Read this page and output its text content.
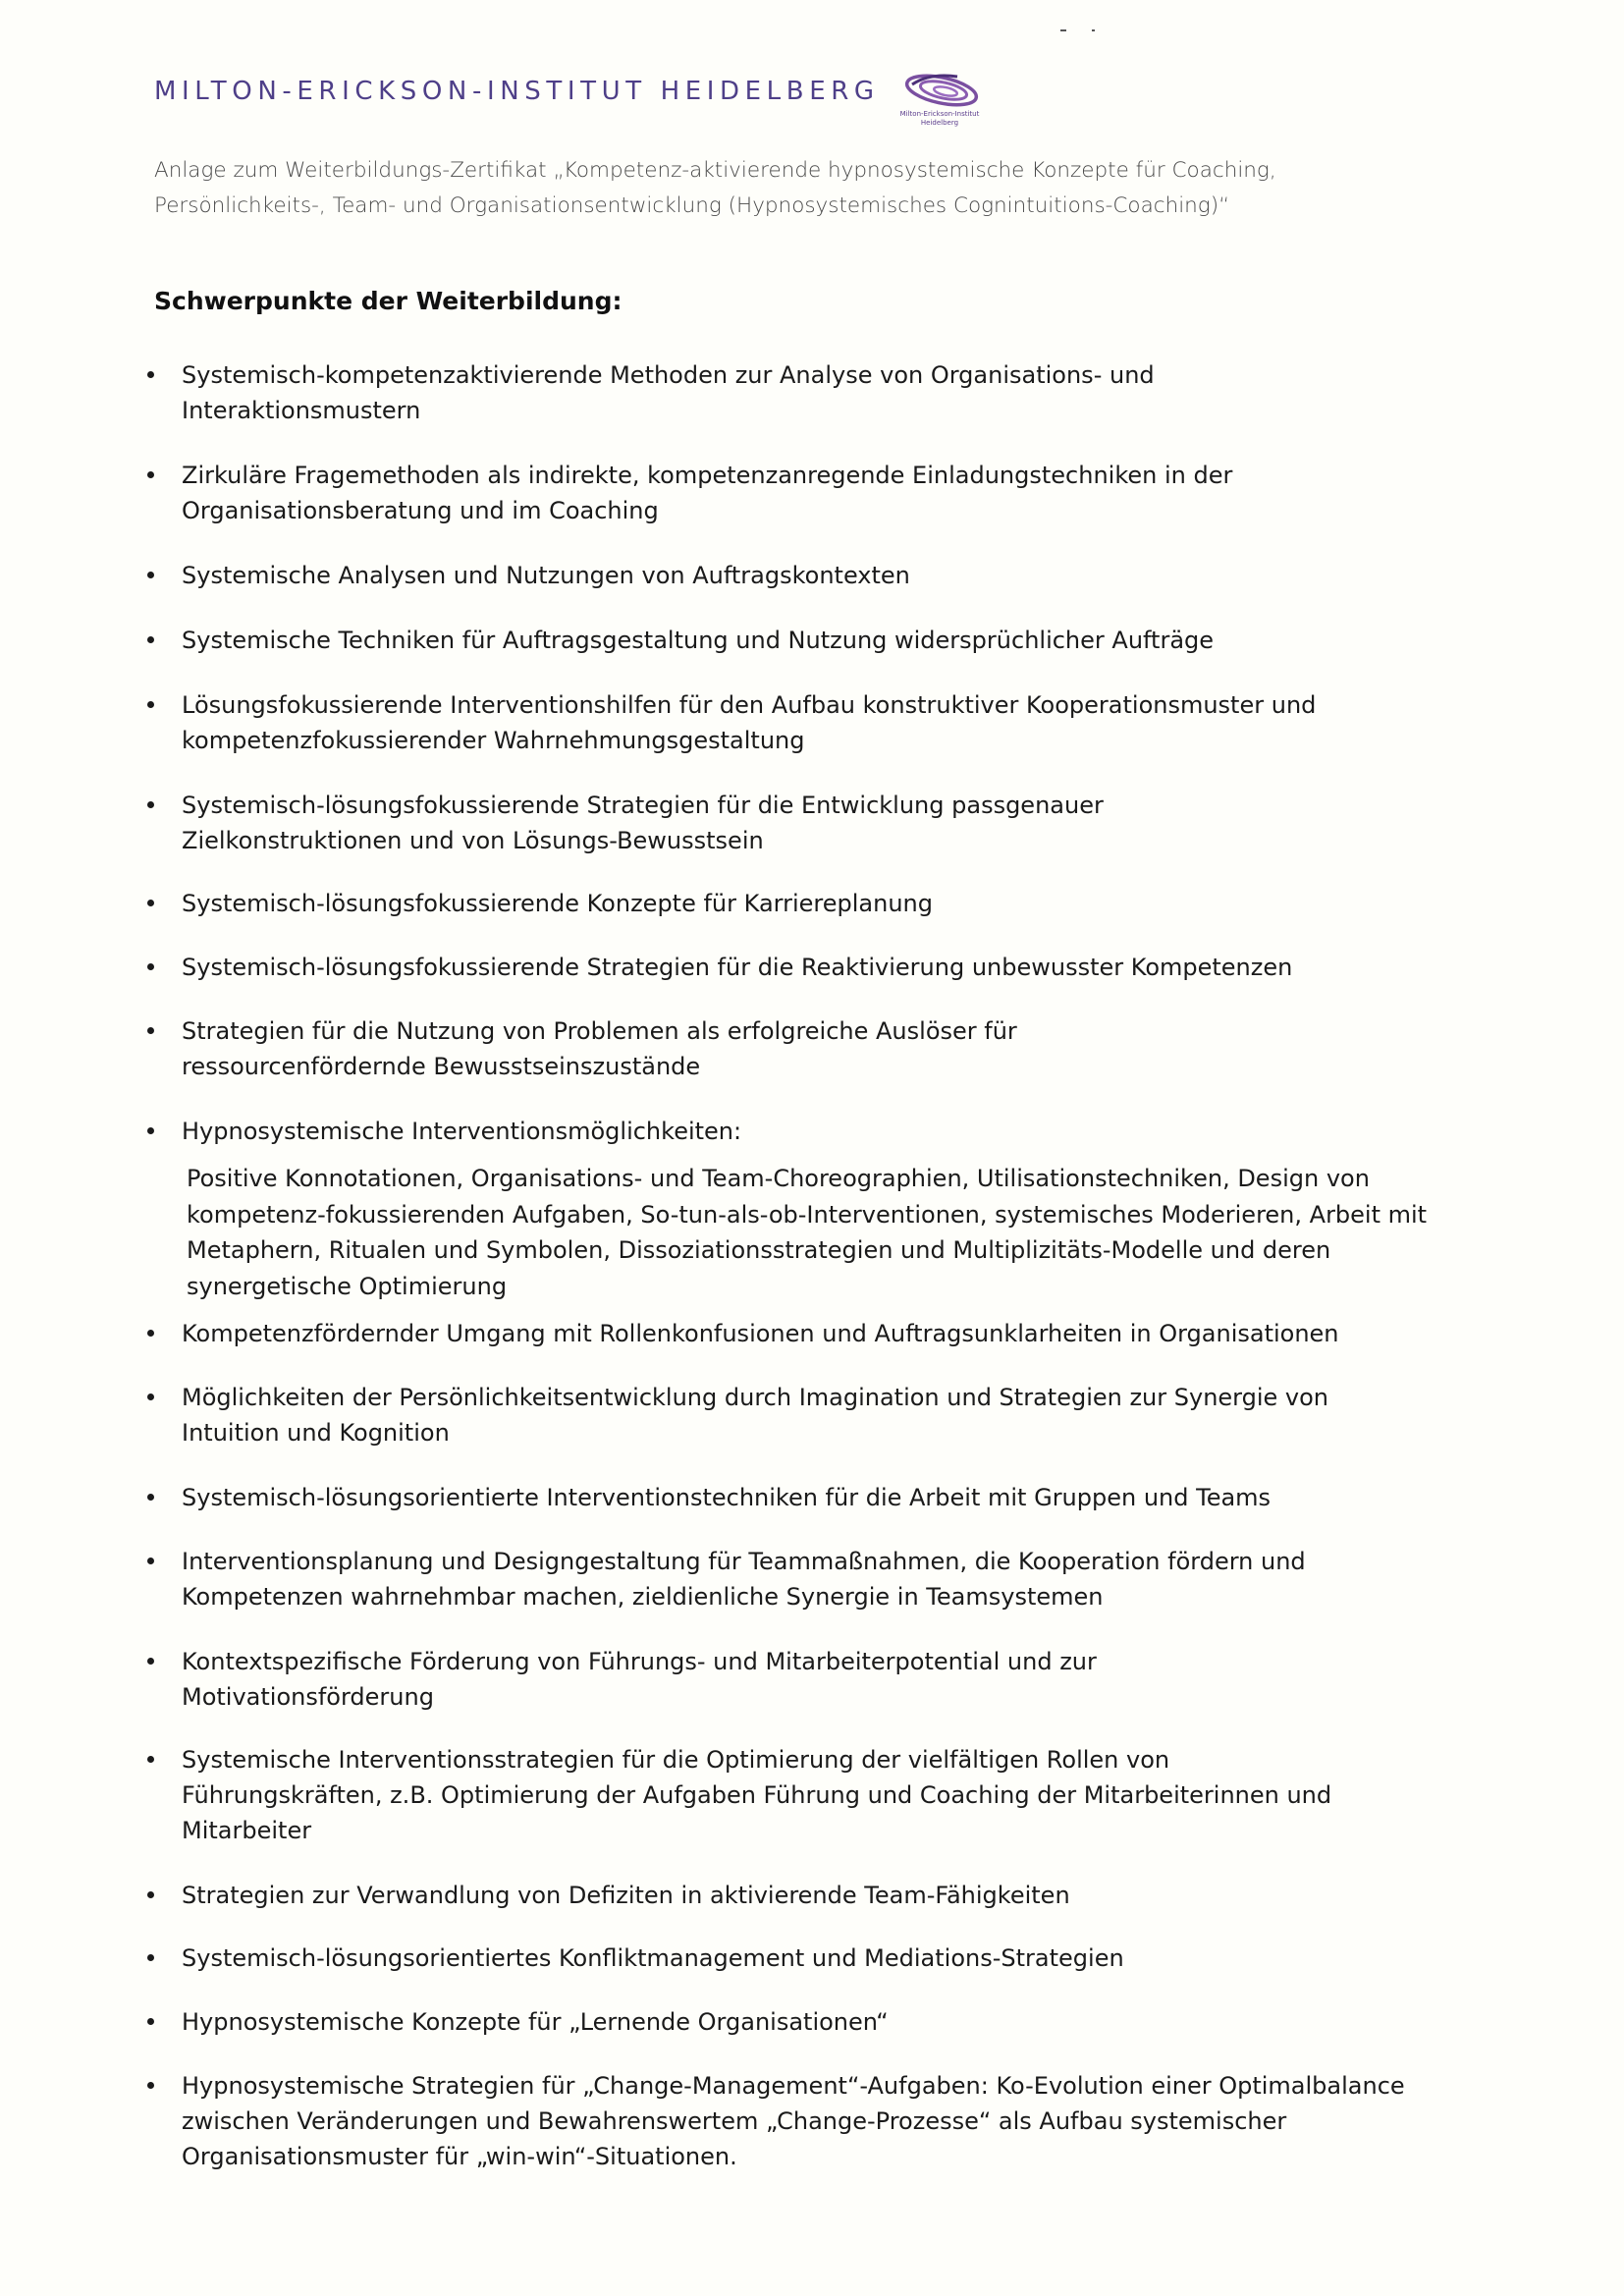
MILTON-ERICKSON-INSTITUT HEIDELBERG
Milton-Erickson-Institut
Heidelberg

Anlage zum Weiterbildungs-Zertifikat „Kompetenz-aktivierende hypnosystemische Konzepte für Coaching,

Persönlichkeits-, Team- und Organisationsentwicklung (Hypnosystemisches Cognintuitions-Coaching)“

Schwerpunkte der Weiterbildung:
Systemisch-kompetenzaktivierende Methoden zur Analyse von Organisations- und
Interaktionsmustern
Zirkuläre Fragemethoden als indirekte, kompetenzanregende Einladungstechniken in der
Organisationsberatung und im Coaching
Systemische Analysen und Nutzungen von Auftragskontexten
Systemische Techniken für Auftragsgestaltung und Nutzung widersprüchlicher Aufträge
Lösungsfokussierende Interventionshilfen für den Aufbau konstruktiver Kooperationsmuster und
kompetenzfokussierender Wahrnehmungsgestaltung
Systemisch-lösungsfokussierende Strategien für die Entwicklung passgenauer
Zielkonstruktionen und von Lösungs-Bewusstsein
Systemisch-lösungsfokussierende Konzepte für Karriereplanung
Systemisch-lösungsfokussierende Strategien für die Reaktivierung unbewusster Kompetenzen
Strategien für die Nutzung von Problemen als erfolgreiche Auslöser für
ressourcenfördernde Bewusstseinszustände
Hypnosystemische Interventionsmöglichkeiten:
Positive Konnotationen, Organisations- und Team-Choreographien, Utilisationstechniken, Design von
kompetenz-fokussierenden Aufgaben, So-tun-als-ob-Interventionen, systemisches Moderieren, Arbeit mit
Metaphern, Ritualen und Symbolen, Dissoziationsstrategien und Multiplizitäts-Modelle und deren
synergetische Optimierung
Kompetenzfördernder Umgang mit Rollenkonfusionen und Auftragsunklarheiten in Organisationen
Möglichkeiten der Persönlichkeitsentwicklung durch Imagination und Strategien zur Synergie von
Intuition und Kognition
Systemisch-lösungsorientierte Interventionstechniken für die Arbeit mit Gruppen und Teams
Interventionsplanung und Designgestaltung für Teammaßnahmen, die Kooperation fördern und
Kompetenzen wahrnehmbar machen, zieldienliche Synergie in Teamsystemen
Kontextspezifische Förderung von Führungs- und Mitarbeiterpotential und zur
Motivationsförderung
Systemische Interventionsstrategien für die Optimierung der vielfältigen Rollen von
Führungskräften, z.B. Optimierung der Aufgaben Führung und Coaching der Mitarbeiterinnen und
Mitarbeiter
Strategien zur Verwandlung von Defiziten in aktivierende Team-Fähigkeiten
Systemisch-lösungsorientiertes Konfliktmanagement und Mediations-Strategien
Hypnosystemische Konzepte für „Lernende Organisationen“
Hypnosystemische Strategien für „Change-Management“-Aufgaben: Ko-Evolution einer Optimalbalance
zwischen Veränderungen und Bewahrenswertem „Change-Prozesse“ als Aufbau systemischer
Organisationsmuster für „win-win“-Situationen.
